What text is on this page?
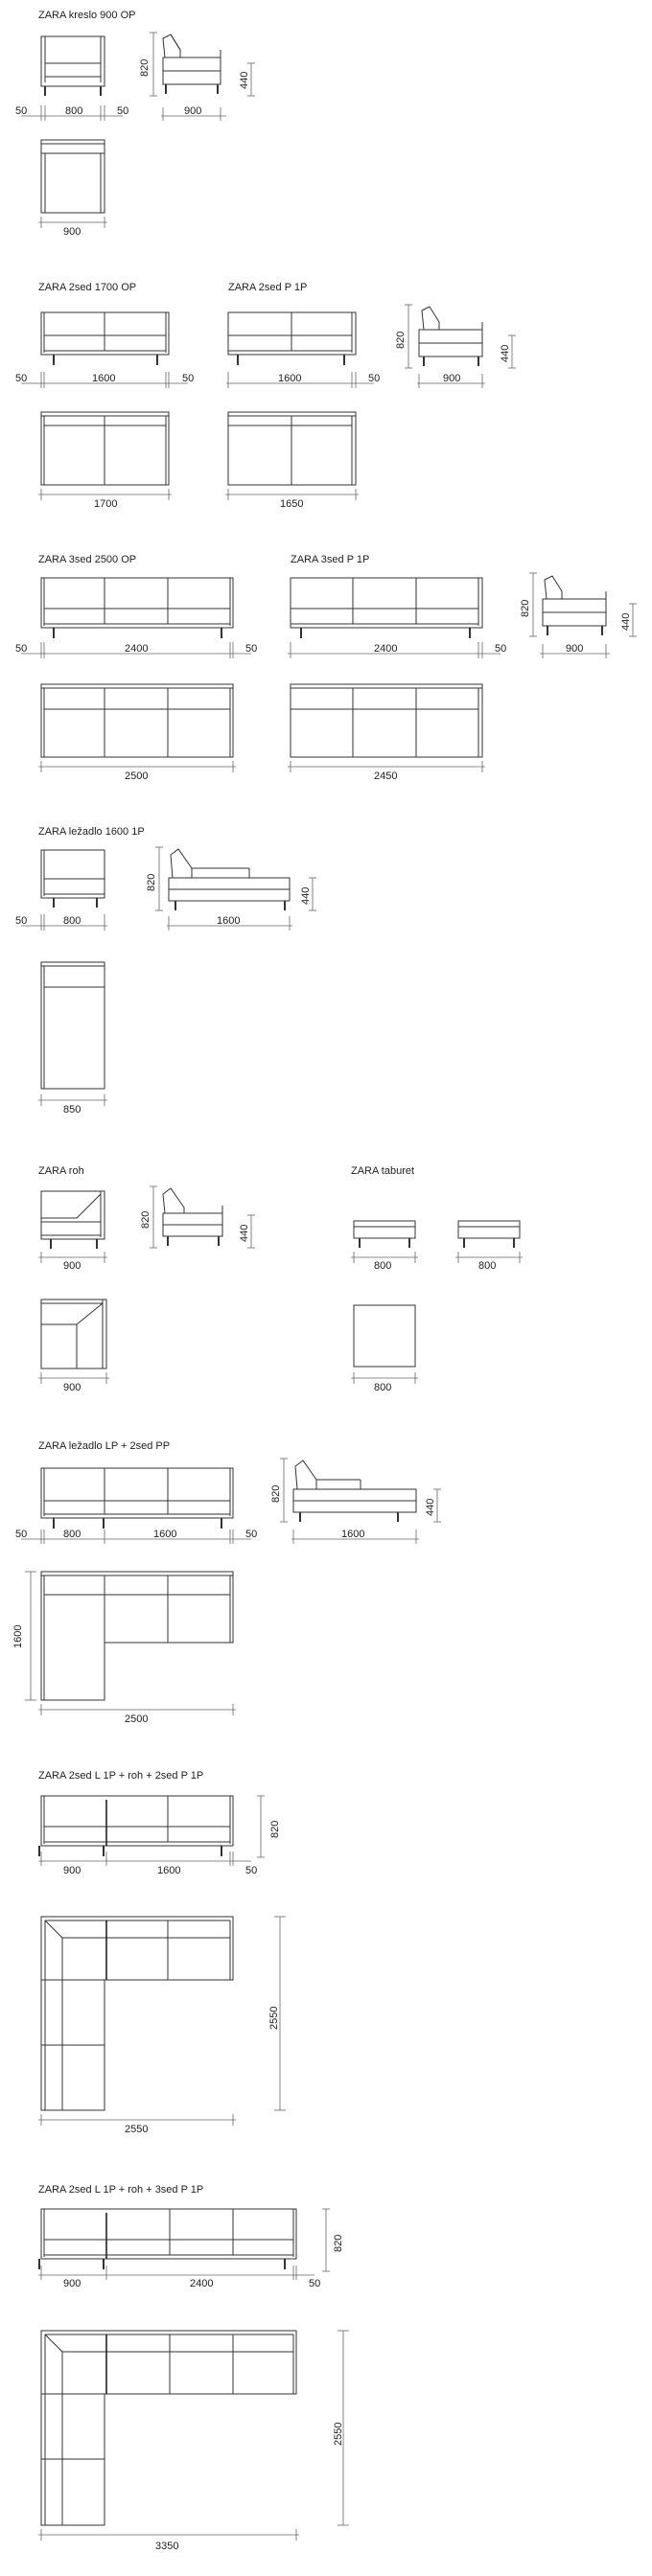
ZARA kreslo 900 OP
50	800	50
820
440
900
900
ZARA 2sed 1700 OP	ZARA 2sed P 1P
50	1600	50	1600	50
820
440
900
1700	1650
ZARA 3sed 2500 OP	ZARA 3sed P 1P
50	2400	50	2400	50
820
440
900
2500	2450
ZARA ležadlo 1600 1P
50	800
820
440
1600
850
ZARA roh	ZARA taburet
900
820
440
800	800
900	800
ZARA ležadlo LP + 2sed PP
50	800	1600	50
820
440
1600
1600
2500
ZARA 2sed L 1P + roh + 2sed P 1P
900	1600	50
820
2550
2550
ZARA 2sed L 1P + roh + 3sed P 1P
900	2400	50
820
2550
3350
